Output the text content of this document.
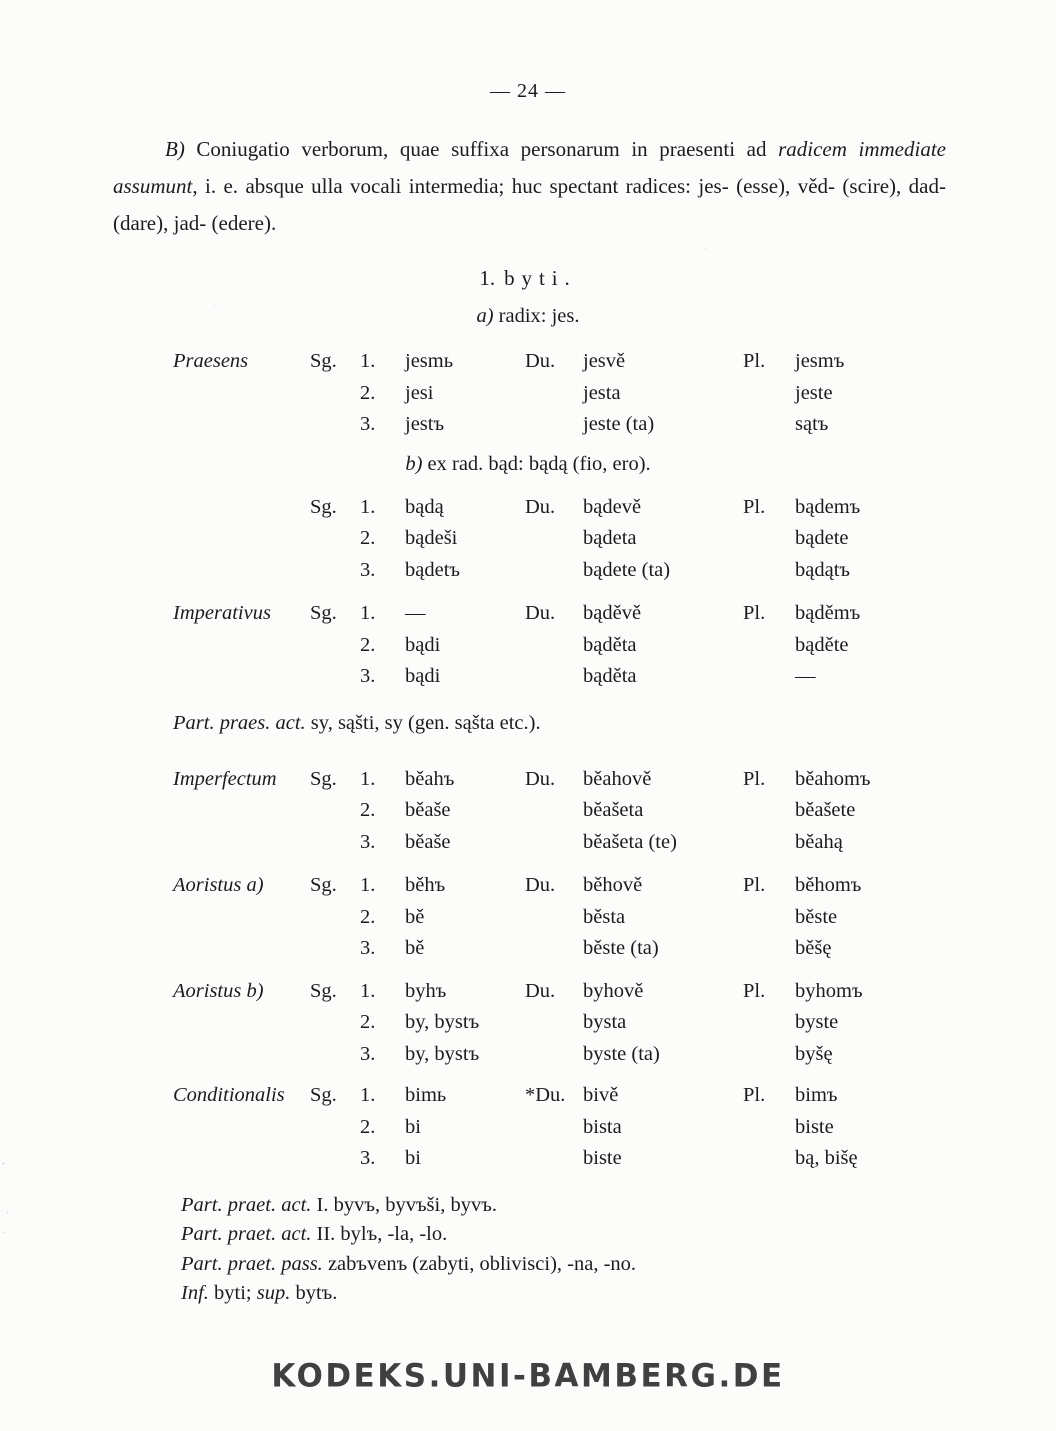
— 24 —

B) Coniugatio verborum, quae suffixa personarum in praesenti ad radicem immediate assumunt, i. e. absque ulla vocali intermedia; huc spectant radices: jes- (esse), věd- (scire), dad- (dare), jad- (edere).

1. byti.
a) radix: jes.
Praesens	Sg.	1.	jesmь	Du.	jesvě	Pl.	jesmъ
2.	jesi	jesta	jeste
3.	jestъ	jeste (ta)	sątъ
b) ex rad. bąd: bądą (fio, ero).
Sg.	1.	bądą	Du.	bądevě	Pl.	bądemъ
2.	bądeši	bądeta	bądete
3.	bądetъ	bądete (ta)	bądątъ
Imperativus	Sg.	1.	—	Du.	bąděvě	Pl.	bąděmъ
2.	bądi	bąděta	bąděte
3.	bądi	bąděta	—

Part. praes. act. sy, sąšti, sy (gen. sąšta etc.).

Imperfectum	Sg.	1.	běahъ	Du.	běahově	Pl.	běahomъ
2.	běaše	běašeta	běašete
3.	běaše	běašeta (te)	běahą
Aoristus a)	Sg.	1.	běhъ	Du.	běhově	Pl.	běhomъ
2.	bě	běsta	běste
3.	bě	běste (ta)	běšę
Aoristus b)	Sg.	1.	byhъ	Du.	byhově	Pl.	byhomъ
2.	by, bystъ	bysta	byste
3.	by, bystъ	byste (ta)	byšę
Conditionalis	Sg.	1.	bimь	*Du. bivě	Pl.	bimъ
2.	bi	bista	biste
3.	bi	biste	bą, bišę
Part. praet. act. I. byvъ, byvъši, byvъ.
Part. praet. act. II. bylъ, -la, -lo.
Part. praet. pass. zabъvenъ (zabyti, oblivisci), -na, -no.
Inf. byti; sup. bytъ.
KODEKS.UNI-BAMBERG.DE
